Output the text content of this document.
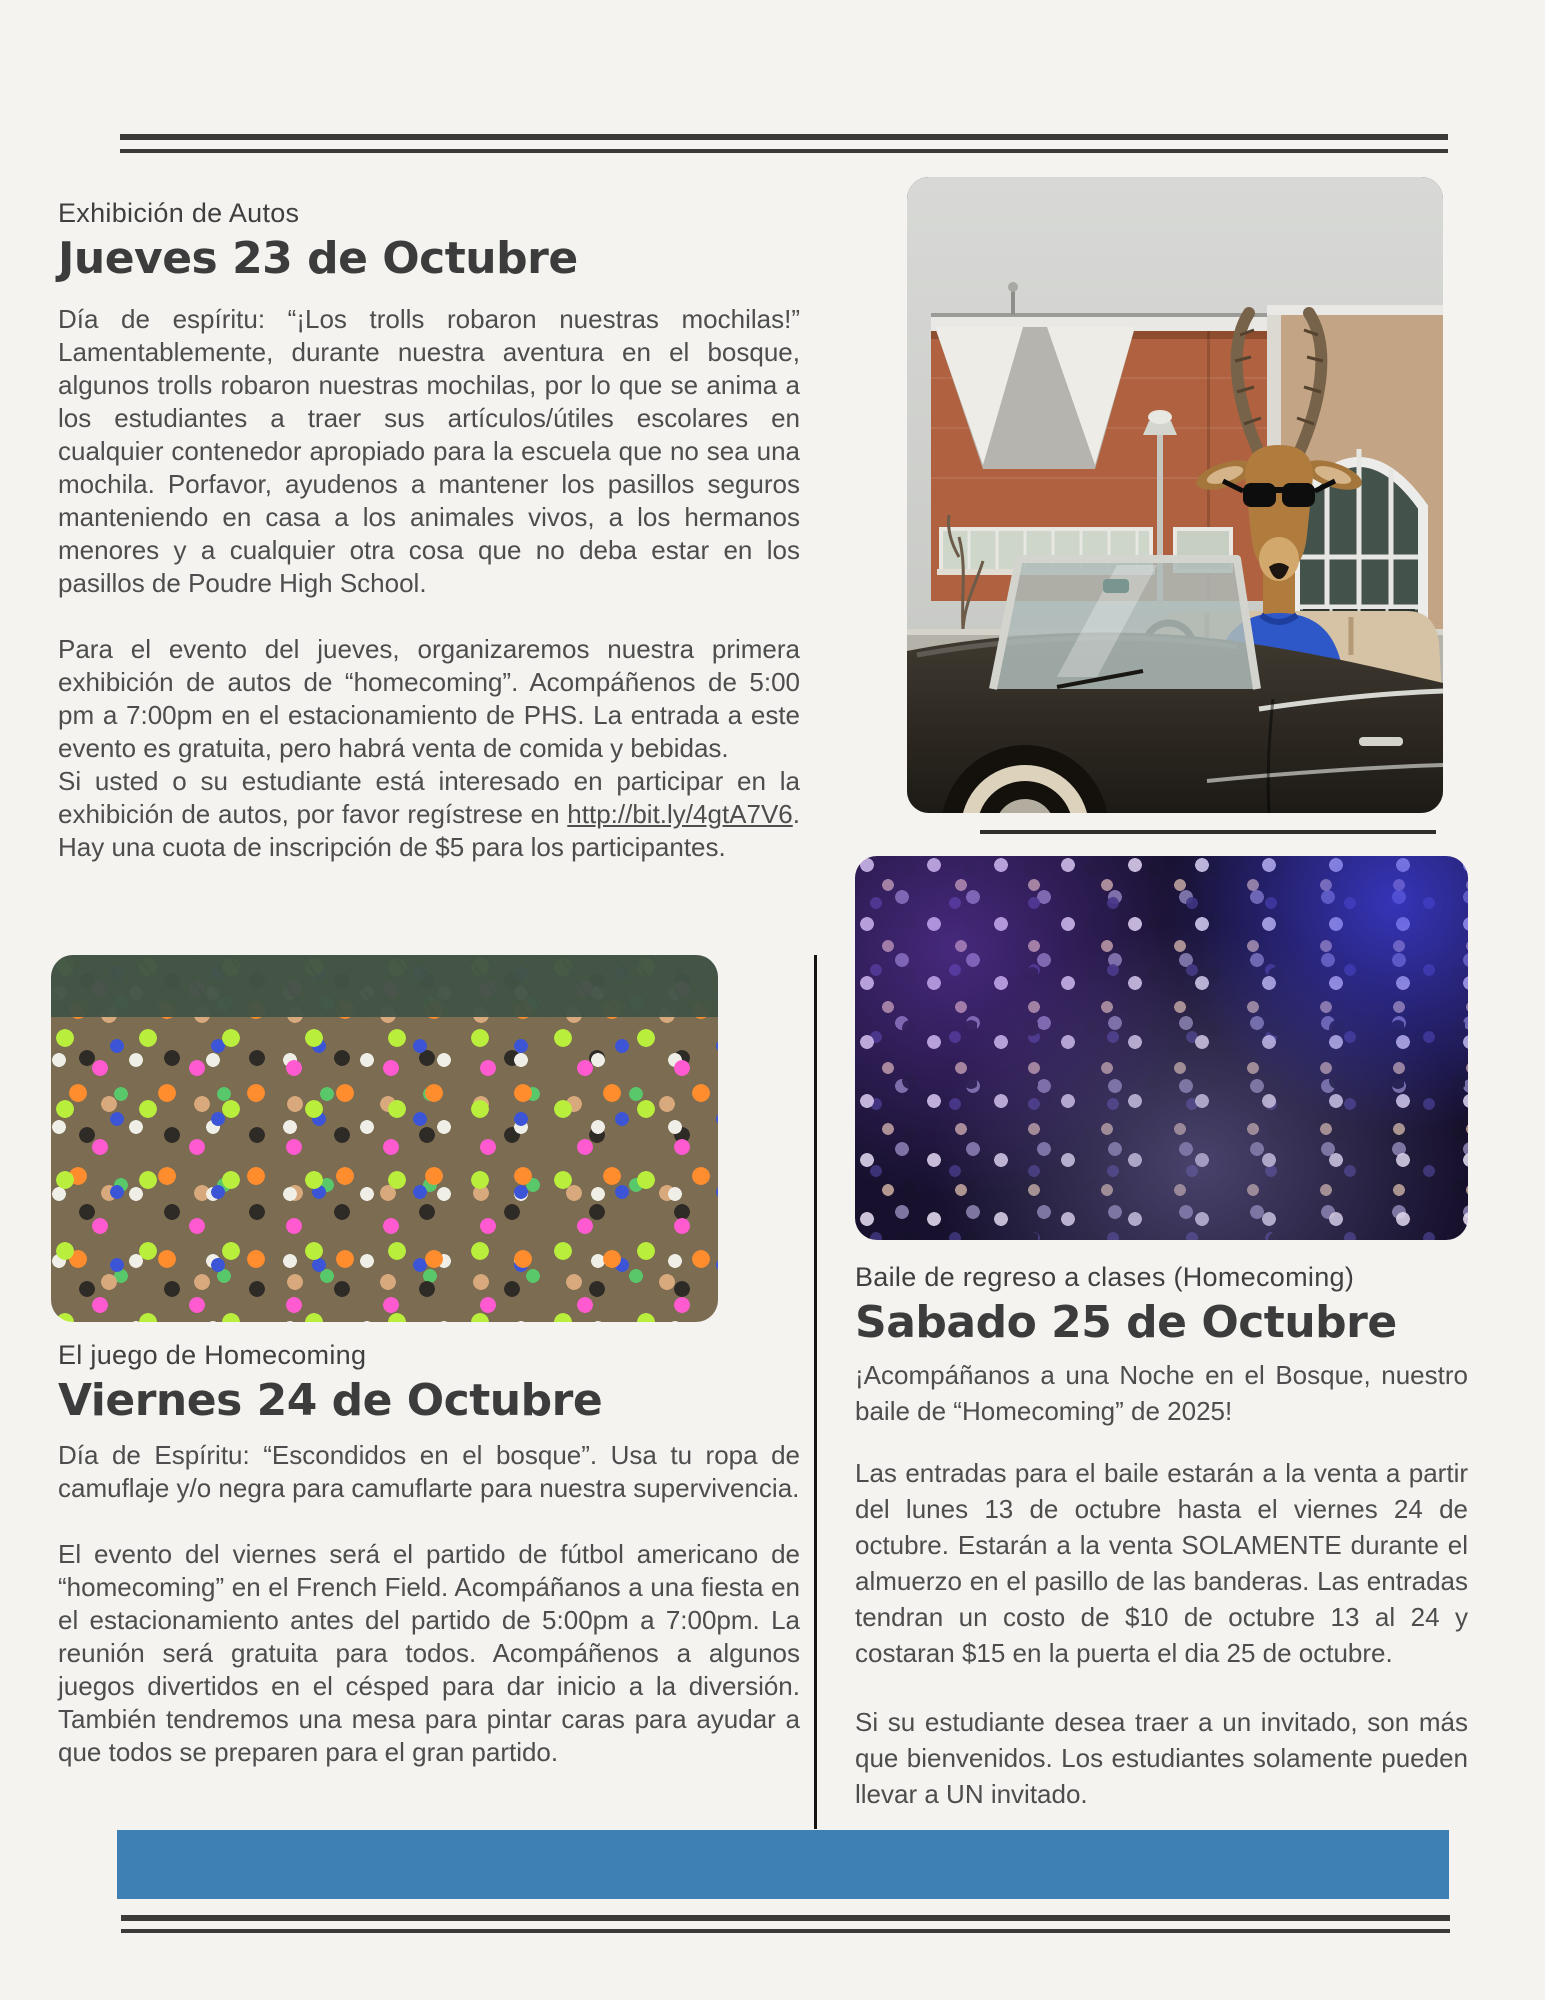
Exhibición de Autos
Jueves 23 de Octubre

Día de espíritu: “¡Los trolls robaron nuestras mochilas!” Lamentablemente, durante nuestra aventura en el bosque, algunos trolls robaron nuestras mochilas, por lo que se anima a los estudiantes a traer sus artículos/útiles escolares en cualquier contenedor apropiado para la escuela que no sea una mochila. Porfavor, ayudenos a mantener los pasillos seguros manteniendo en casa a los animales vivos, a los hermanos menores y a cualquier otra cosa que no deba estar en los pasillos de Poudre High School.

Para el evento del jueves, organizaremos nuestra primera exhibición de autos de “homecoming”. Acompáñenos de 5:00 pm a 7:00pm en el estacionamiento de PHS. La entrada a este evento es gratuita, pero habrá venta de comida y bebidas.

Si usted o su estudiante está interesado en participar en la exhibición de autos, por favor regístrese en http://bit.ly/4gtA7V6. Hay una cuota de inscripción de $5 para los participantes.

Baile de regreso a clases (Homecoming)
Sabado 25 de Octubre

¡Acompáñanos a una Noche en el Bosque, nuestro baile de “Homecoming” de 2025!

Las entradas para el baile estarán a la venta a partir del lunes 13 de octubre hasta el viernes 24 de octubre. Estarán a la venta SOLAMENTE durante el almuerzo en el pasillo de las banderas. Las entradas tendran un costo de $10 de octubre 13 al 24 y costaran $15 en la puerta el dia 25 de octubre.

Si su estudiante desea traer a un invitado, son más que bienvenidos. Los estudiantes solamente pueden llevar a UN invitado.

El juego de Homecoming
Viernes 24 de Octubre

Día de Espíritu: “Escondidos en el bosque”. Usa tu ropa de camuflaje y/o negra para camuflarte para nuestra supervivencia.

El evento del viernes será el partido de fútbol americano de “homecoming” en el French Field. Acompáñanos a una fiesta en el estacionamiento antes del partido de 5:00pm a 7:00pm. La reunión será gratuita para todos. Acompáñenos a algunos juegos divertidos en el césped para dar inicio a la diversión. También tendremos una mesa para pintar caras para ayudar a que todos se preparen para el gran partido.
